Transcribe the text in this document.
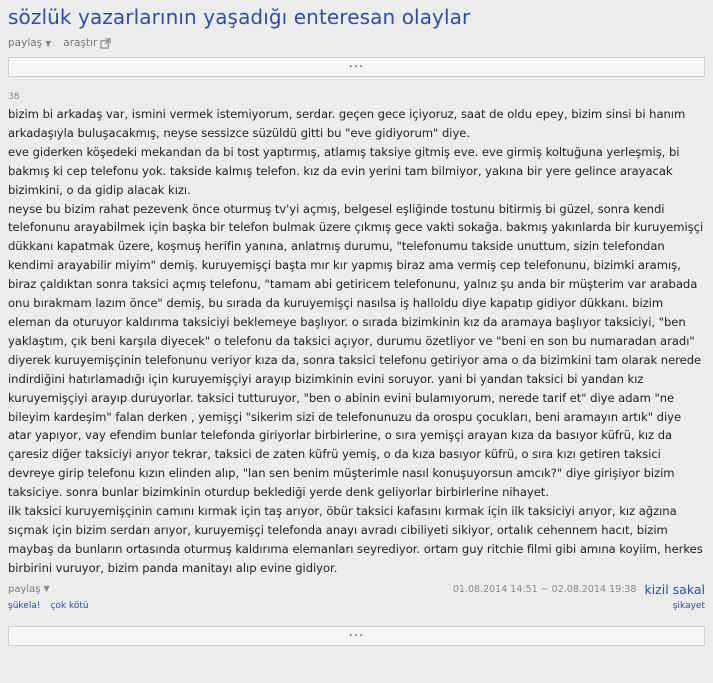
sözlük yazarlarının yaşadığı enteresan olaylar
paylaş ▼ araştır
...
38
bizim bi arkadaş var, ismini vermek istemiyorum, serdar. geçen gece içiyoruz, saat de oldu epey, bizim sinsi bi hanım arkadaşıyla buluşacakmış, neyse sessizce süzüldü gitti bu "eve gidiyorum" diye.
eve giderken köşedeki mekandan da bi tost yaptırmış, atlamış taksiye gitmiş eve. eve girmiş koltuğuna yerleşmiş, bi bakmış ki cep telefonu yok. takside kalmış telefon. kız da evin yerini tam bilmiyor, yakına bir yere gelince arayacak bizimkini, o da gidip alacak kızı.
neyse bu bizim rahat pezevenk önce oturmuş tv'yi açmış, belgesel eşliğinde tostunu bitirmiş bi güzel, sonra kendi telefonunu arayabilmek için başka bir telefon bulmak üzere çıkmış gece vakti sokağa. bakmış yakınlarda bir kuruyemişçi dükkanı kapatmak üzere, koşmuş herifin yanına, anlatmış durumu, "telefonumu takside unuttum, sizin telefondan kendimi arayabilir miyim" demiş. kuruyemişçi başta mır kır yapmış biraz ama vermiş cep telefonunu, bizimki aramış, biraz çaldıktan sonra taksici açmış telefonu, "tamam abi getiricem telefonunu, yalnız şu anda bir müşterim var arabada onu bırakmam lazım önce" demiş, bu sırada da kuruyemişçi nasılsa iş halloldu diye kapatıp gidiyor dükkanı. bizim eleman da oturuyor kaldırıma taksiciyi beklemeye başlıyor. o sırada bizimkinin kız da aramaya başlıyor taksiciyi, "ben yaklaştım, çık beni karşıla diyecek" o telefonu da taksici açıyor, durumu özetliyor ve "beni en son bu numaradan aradı" diyerek kuruyemişçinin telefonunu veriyor kıza da, sonra taksici telefonu getiriyor ama o da bizimkini tam olarak nerede indirdiğini hatırlamadığı için kuruyemişçiyi arayıp bizimkinin evini soruyor. yani bi yandan taksici bi yandan kız kuruyemişçiyi arayıp duruyorlar. taksici tutturuyor, "ben o abinin evini bulamıyorum, nerede tarif et" diye adam "ne bileyim kardeşim" falan derken , yemişçi "sikerim sizi de telefonunuzu da orospu çocukları, beni aramayın artık" diye atar yapıyor, vay efendim bunlar telefonda giriyorlar birbirlerine, o sıra yemişçi arayan kıza da basıyor küfrü, kız da çaresiz diğer taksiciyi arıyor tekrar, taksici de zaten küfrü yemiş, o da kıza basıyor küfrü, o sıra kızı getiren taksici devreye girip telefonu kızın elinden alıp, "lan sen benim müşterimle nasıl konuşuyorsun amcık?" diye girişiyor bizim taksiciye. sonra bunlar bizimkinin oturdup beklediği yerde denk geliyorlar birbirlerine nihayet.
ilk taksici kuruyemişçinin camını kırmak için taş arıyor, öbür taksici kafasını kırmak için ilk taksiciyi arıyor, kız ağzına sıçmak için bizim serdarı arıyor, kuruyemişçi telefonda anayı avradı cibiliyeti sikiyor, ortalık cehennem hacıt, bizim maybaş da bunların ortasında oturmuş kaldırıma elemanları seyrediyor. ortam guy ritchie filmi gibi amına koyiim, herkes birbirini vuruyor, bizim panda manitayı alıp evine gidiyor.
paylaş ▼	01.08.2014 14:51 ~ 02.08.2014 19:38 kizil sakal
şükela! çok kötü	şikayet
...
